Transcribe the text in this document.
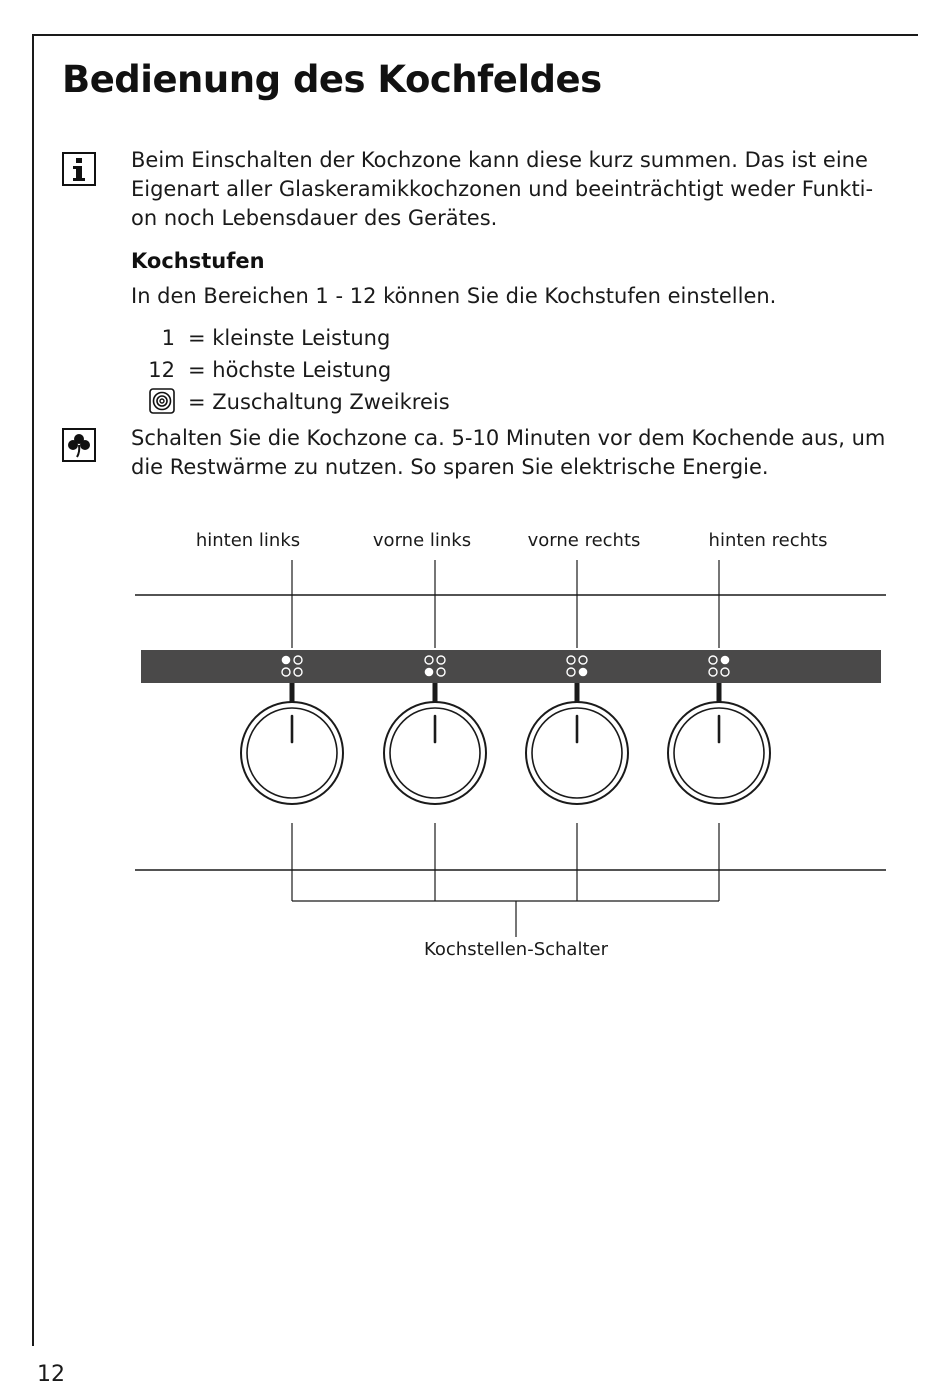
Bedienung des Kochfeldes

Beim Einschalten der Kochzone kann diese kurz summen. Das ist eine
Eigenart aller Glaskeramikkochzonen und beeinträchtigt weder Funkti-
on noch Lebensdauer des Gerätes.

Kochstufen

In den Bereichen 1 - 12 können Sie die Kochstufen einstellen.

1 = kleinste Leistung
12 = höchste Leistung
= Zuschaltung Zweikreis

Schalten Sie die Kochzone ca. 5-10 Minuten vor dem Kochende aus, um
die Restwärme zu nutzen. So sparen Sie elektrische Energie.

hinten links	vorne links	vorne rechts	hinten rechts
Kochstellen-Schalter
12
